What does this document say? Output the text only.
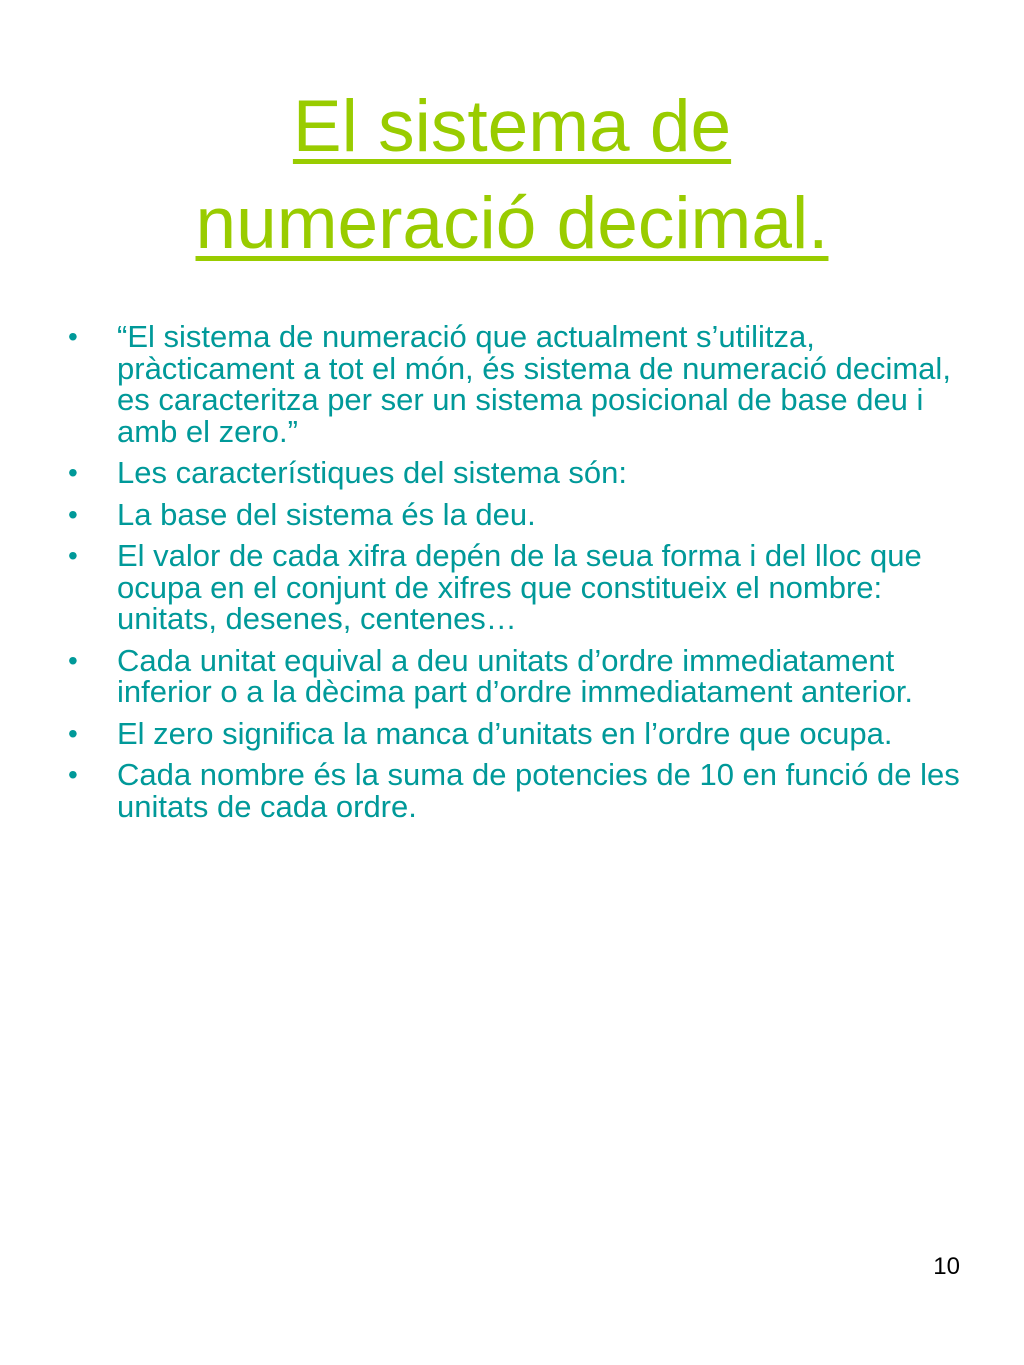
El sistema de
numeració decimal.
• “El sistema de numeració que actualment s’utilitza, pràcticament a tot el món, és sistema de numeració decimal, es caracteritza per ser un sistema posicional de base deu i amb el zero.”
• Les característiques del sistema són:
• La base del sistema és la deu.
• El valor de cada xifra depén de la seua forma i del lloc que ocupa en el conjunt de xifres que constitueix el nombre: unitats, desenes, centenes…
• Cada unitat equival a deu unitats d’ordre immediatament inferior o a la dècima part d’ordre immediatament anterior.
• El zero significa la manca d’unitats en l’ordre que ocupa.
• Cada nombre és la suma de potencies de 10 en funció de les unitats de cada ordre.
10
